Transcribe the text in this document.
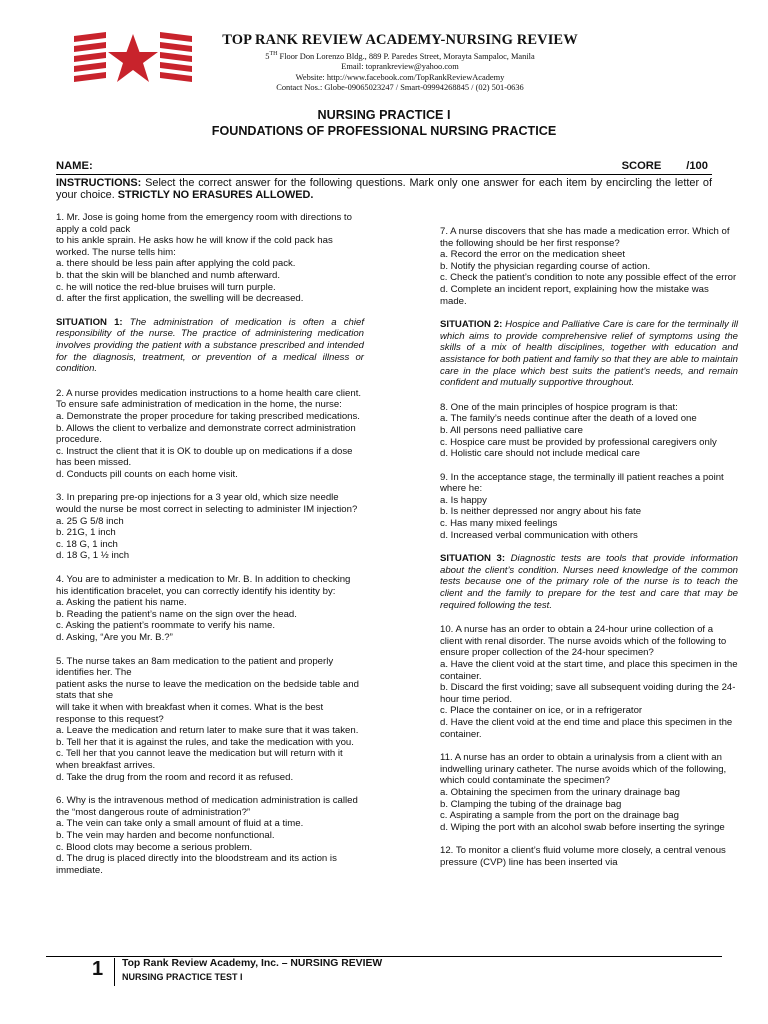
TOP RANK REVIEW ACADEMY-NURSING REVIEW
5TH Floor Don Lorenzo Bldg., 889 P. Paredes Street, Morayta Sampaloc, Manila
Email: toprankreview@yahoo.com
Website: http://www.facebook.com/TopRankReviewAcademy
Contact Nos.: Globe-09065023247 / Smart-09994268845 / (02) 501-0636
NURSING PRACTICE I
FOUNDATIONS OF PROFESSIONAL NURSING PRACTICE
NAME:	SCORE        /100
INSTRUCTIONS: Select the correct answer for the following questions. Mark only one answer for each item by encircling the letter of your choice. STRICTLY NO ERASURES ALLOWED.
1. Mr. Jose is going home from the emergency room with directions to apply a cold pack
to his ankle sprain. He asks how he will know if the cold pack has worked. The nurse tells him:
a. there should be less pain after applying the cold pack.
b. that the skin will be blanched and numb afterward.
c. he will notice the red-blue bruises will turn purple.
d. after the first application, the swelling will be decreased.
SITUATION 1: The administration of medication is often a chief responsibility of the nurse. The practice of administering medication involves providing the patient with a substance prescribed and intended for the diagnosis, treatment, or prevention of a medical illness or condition.
2. A nurse provides medication instructions to a home health care client. To ensure safe administration of medication in the home, the nurse:
a. Demonstrate the proper procedure for taking prescribed medications.
b. Allows the client to verbalize and demonstrate correct administration procedure.
c. Instruct the client that it is OK to double up on medications if a dose has been missed.
d. Conducts pill counts on each home visit.
3. In preparing pre-op injections for a 3 year old, which size needle would the nurse be most correct in selecting to administer IM injection?
a. 25 G 5/8 inch
b. 21G, 1 inch
c. 18 G, 1 inch
d. 18 G, 1 ½ inch
4. You are to administer a medication to Mr. B. In addition to checking his identification bracelet, you can correctly identify his identity by:
a. Asking the patient his name.
b. Reading the patient’s name on the sign over the head.
c. Asking the patient’s roommate to verify his name.
d. Asking, “Are you Mr. B.?”
5. The nurse takes an 8am medication to the patient and properly identifies her. The
patient asks the nurse to leave the medication on the bedside table and stats that she
will take it when with breakfast when it comes. What is the best response to this request?
a. Leave the medication and return later to make sure that it was taken.
b. Tell her that it is against the rules, and take the medication with you.
c. Tell her that you cannot leave the medication but will return with it when breakfast arrives.
d. Take the drug from the room and record it as refused.
6. Why is the intravenous method of medication administration is called the “most dangerous route of administration?”
a. The vein can take only a small amount of fluid at a time.
b. The vein may harden and become nonfunctional.
c. Blood clots may become a serious problem.
d. The drug is placed directly into the bloodstream and its action is immediate.
7. A nurse discovers that she has made a medication error. Which of the following should be her first response?
a. Record the error on the medication sheet
b. Notify the physician regarding course of action.
c. Check the patient’s condition to note any possible effect of the error
d. Complete an incident report, explaining how the mistake was made.
SITUATION 2: Hospice and Palliative Care is care for the terminally ill which aims to provide comprehensive relief of symptoms using the skills of a mix of health disciplines, together with education and assistance for both patient and family so that they are able to maintain care in the place which best suits the patient’s needs, and remain confident and mutually supportive throughout.
8. One of the main principles of hospice program is that:
a. The family’s needs continue after the death of a loved one
b. All persons need palliative care
c. Hospice care must be provided by professional caregivers only
d. Holistic care should not include medical care
9. In the acceptance stage, the terminally ill patient reaches a point where he:
a. Is happy
b. Is neither depressed nor angry about his fate
c. Has many mixed feelings
d. Increased verbal communication with others
SITUATION 3: Diagnostic tests are tools that provide information about the client’s condition. Nurses need knowledge of the common tests because one of the primary role of the nurse is to teach the client and the family to prepare for the test and care that may be required following the test.
10. A nurse has an order to obtain a 24-hour urine collection of a client with renal disorder. The nurse avoids which of the following to ensure proper collection of the 24-hour specimen?
a. Have the client void at the start time, and place this specimen in the container.
b. Discard the first voiding; save all subsequent voiding during the 24-hour time period.
c. Place the container on ice, or in a refrigerator
d. Have the client void at the end time and place this specimen in the container.
11. A nurse has an order to obtain a urinalysis from a client with an indwelling urinary catheter. The nurse avoids which of the following, which could contaminate the specimen?
a. Obtaining the specimen from the urinary drainage bag
b. Clamping the tubing of the drainage bag
c. Aspirating a sample from the port on the drainage bag
d. Wiping the port with an alcohol swab before inserting the syringe
12. To monitor a client’s fluid volume more closely, a central venous pressure (CVP) line has been inserted via
1 Top Rank Review Academy, Inc. – NURSING REVIEW
NURSING PRACTICE TEST I
